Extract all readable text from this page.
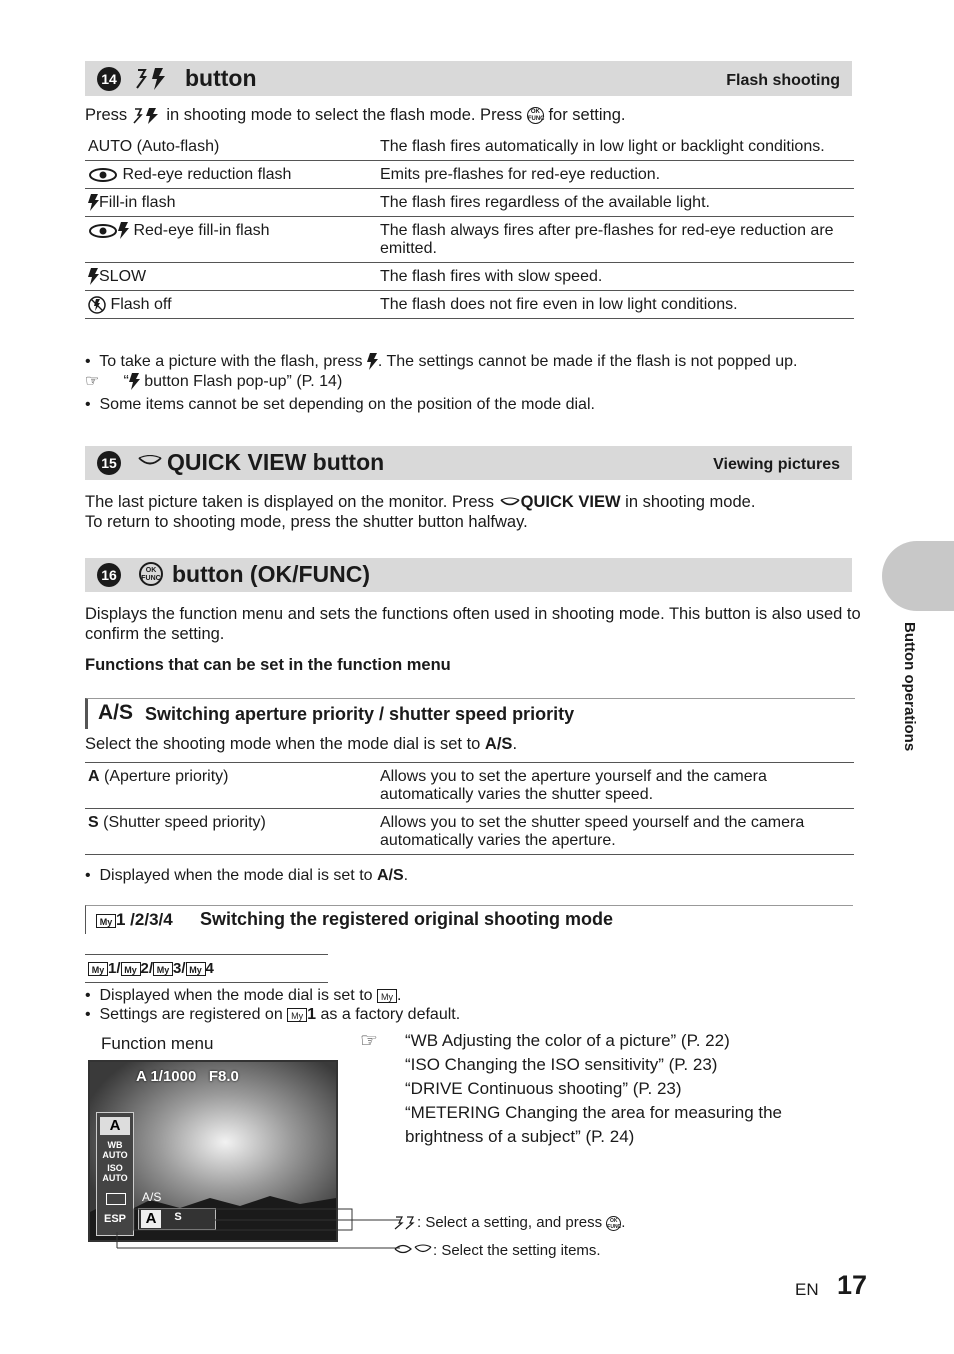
14	button	Flash shooting
Press in shooting mode to select the flash mode. Press OK
FUNC for setting.
AUTO (Auto-flash)	The flash fires automatically in low light or backlight conditions.
Red-eye reduction flash	Emits pre-flashes for red-eye reduction.
Fill-in flash	The flash fires regardless of the available light.
Red-eye fill-in flash	The flash always fires after pre-flashes for red-eye reduction are emitted.
SLOW	The flash fires with slow speed.
Flash off	The flash does not fire even in low light conditions.
•  To take a picture with the flash, press . The settings cannot be made if the flash is not popped up.
☞ “ button Flash pop-up” (P. 14)
•  Some items cannot be set depending on the position of the mode dial.
15 QUICK VIEW button	Viewing pictures
The last picture taken is displayed on the monitor. Press QUICK VIEW in shooting mode.
To return to shooting mode, press the shutter button halfway.
16	OK
FUNC button (OK/FUNC)
Displays the function menu and sets the functions often used in shooting mode. This button is also used to confirm the setting.
Functions that can be set in the function menu
A/S Switching aperture priority / shutter speed priority
Select the shooting mode when the mode dial is set to A/S.
A (Aperture priority)	Allows you to set the aperture yourself and the camera automatically varies the shutter speed.
S (Shutter speed priority)	Allows you to set the shutter speed yourself and the camera automatically varies the aperture.
•  Displayed when the mode dial is set to A/S.
My 1 /2/3/4 Switching the registered original shooting mode
My 1/ My 2/ My 3/ My 4
•  Displayed when the mode dial is set to My .
•  Settings are registered on My 1 as a factory default.
Function menu
A 1/1000   F8.0
A
WB AUTO
ISO AUTO
ESP
A/S
A	S	: Select a setting, and press OK
FUNC.
: Select the setting items.
☞ “WB Adjusting the color of a picture” (P. 22)
“ISO Changing the ISO sensitivity” (P. 23)
“DRIVE Continuous shooting” (P. 23)
“METERING Changing the area for measuring the brightness of a subject” (P. 24)
Button operations
EN 17
